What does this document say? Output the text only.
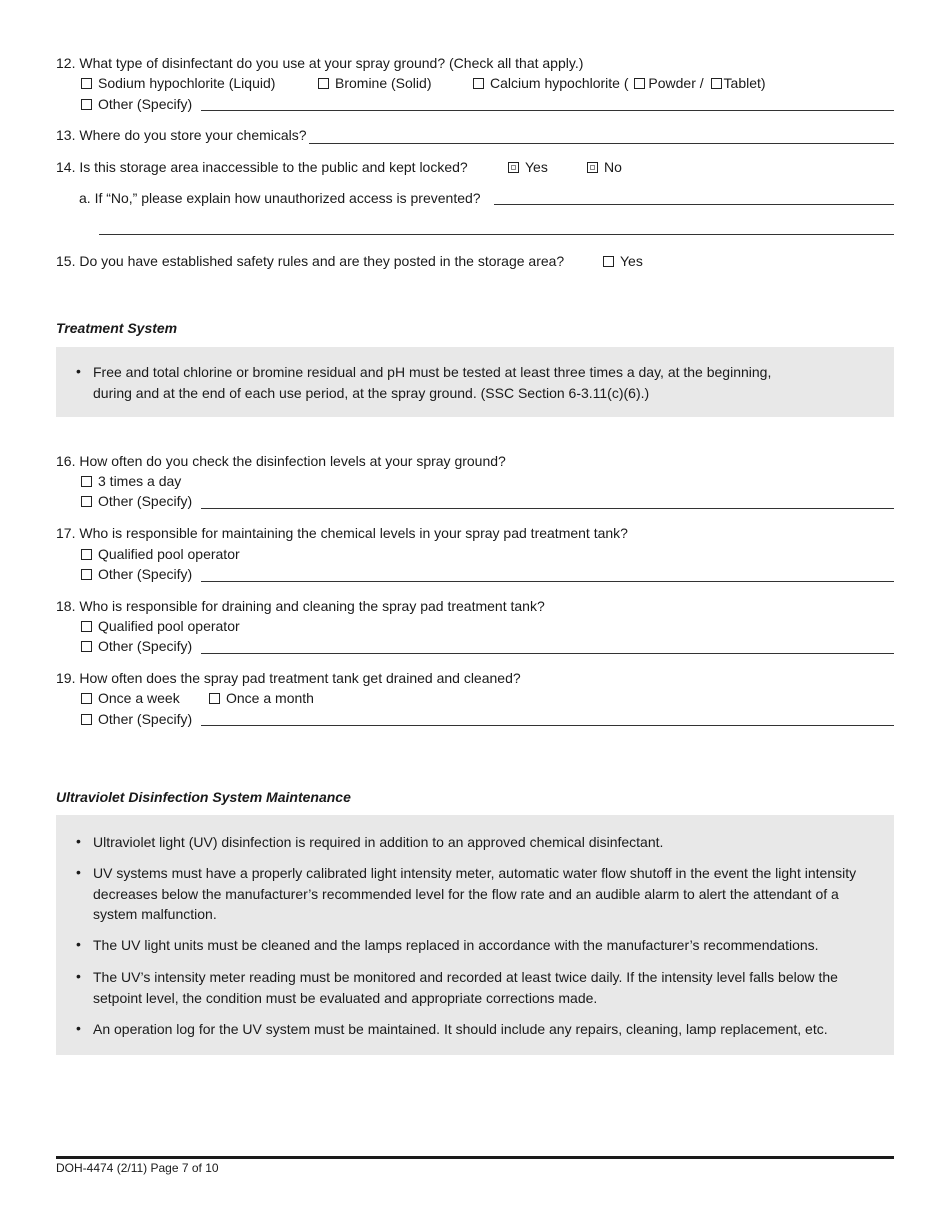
12. What type of disinfectant do you use at your spray ground? (Check all that apply.)
Sodium hypochlorite (Liquid)	Bromine (Solid)	Calcium hypochlorite ( Powder / Tablet)
Other (Specify)
13. Where do you store your chemicals?
14. Is this storage area inaccessible to the public and kept locked?	Yes	No
a. If “No,” please explain how unauthorized access is prevented?
15. Do you have established safety rules and are they posted in the storage area?	Yes
Treatment System
• Free and total chlorine or bromine residual and pH must be tested at least three times a day, at the beginning, during and at the end of each use period, at the spray ground. (SSC Section 6-3.11(c)(6).)
16. How often do you check the disinfection levels at your spray ground?
3 times a day
Other (Specify)
17. Who is responsible for maintaining the chemical levels in your spray pad treatment tank?
Qualified pool operator
Other (Specify)
18. Who is responsible for draining and cleaning the spray pad treatment tank?
Qualified pool operator
Other (Specify)
19. How often does the spray pad treatment tank get drained and cleaned?
Once a week	Once a month
Other (Specify)
Ultraviolet Disinfection System Maintenance
• Ultraviolet light (UV) disinfection is required in addition to an approved chemical disinfectant.
• UV systems must have a properly calibrated light intensity meter, automatic water flow shutoff in the event the light intensity decreases below the manufacturer’s recommended level for the flow rate and an audible alarm to alert the attendant of a system malfunction.
• The UV light units must be cleaned and the lamps replaced in accordance with the manufacturer’s recommendations.
• The UV’s intensity meter reading must be monitored and recorded at least twice daily. If the intensity level falls below the setpoint level, the condition must be evaluated and appropriate corrections made.
• An operation log for the UV system must be maintained. It should include any repairs, cleaning, lamp replacement, etc.
DOH-4474 (2/11) Page 7 of 10
